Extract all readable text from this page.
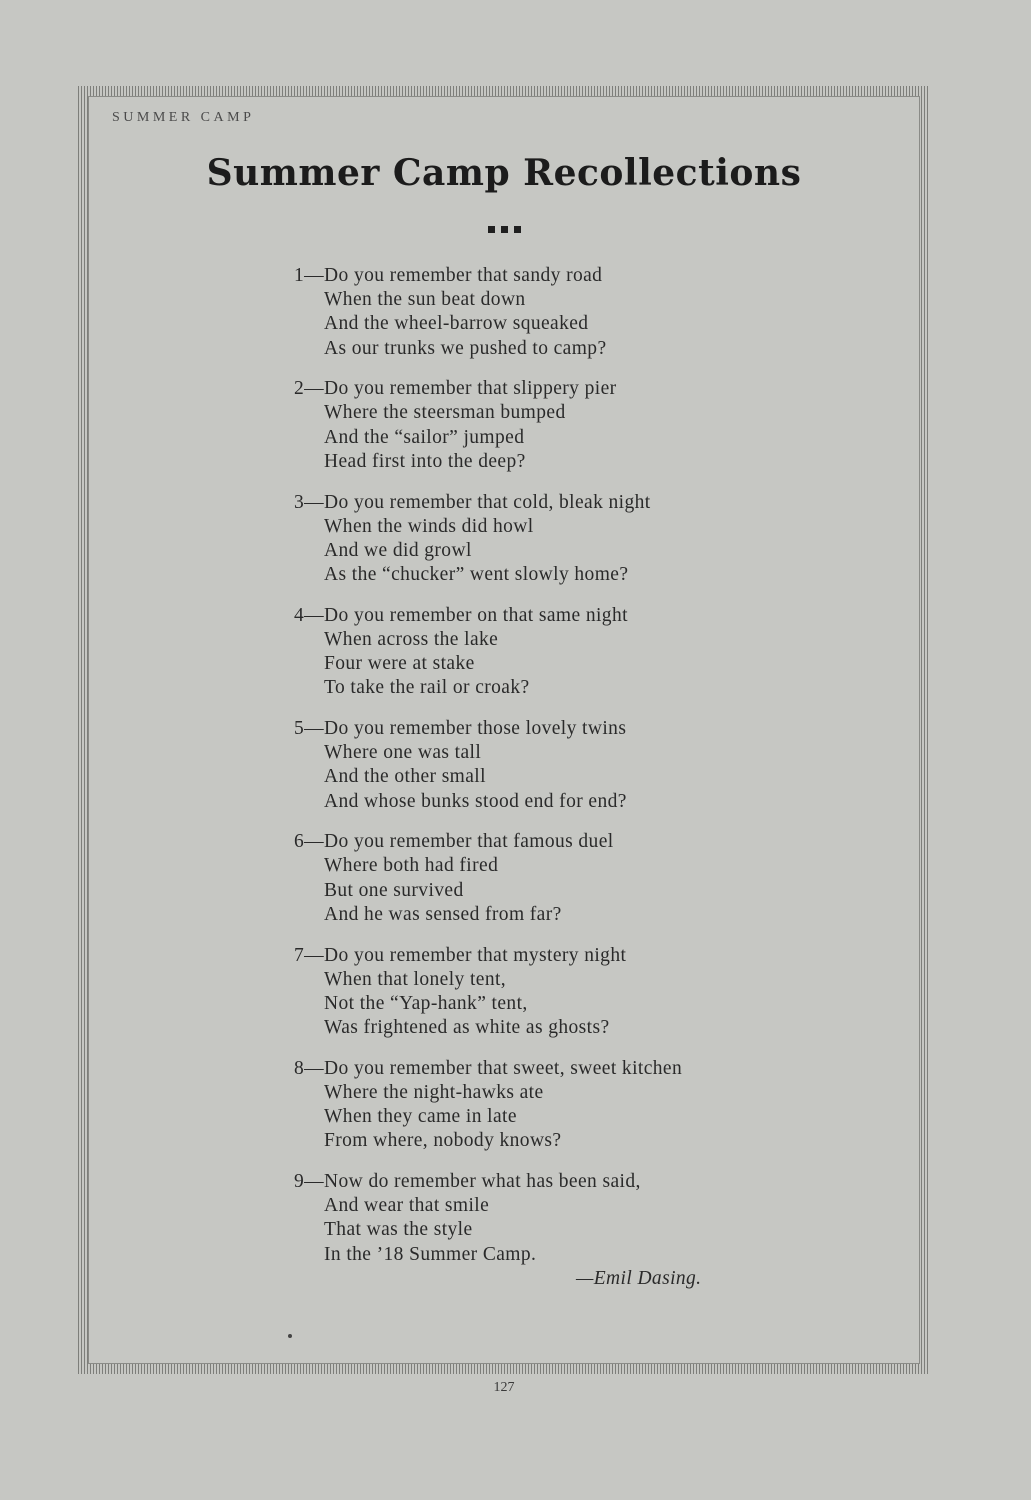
SUMMER CAMP
Summer Camp Recollections
1—Do you remember that sandy road
When the sun beat down
And the wheel-barrow squeaked
As our trunks we pushed to camp?
2—Do you remember that slippery pier
Where the steersman bumped
And the “sailor” jumped
Head first into the deep?
3—Do you remember that cold, bleak night
When the winds did howl
And we did growl
As the “chucker” went slowly home?
4—Do you remember on that same night
When across the lake
Four were at stake
To take the rail or croak?
5—Do you remember those lovely twins
Where one was tall
And the other small
And whose bunks stood end for end?
6—Do you remember that famous duel
Where both had fired
But one survived
And he was sensed from far?
7—Do you remember that mystery night
When that lonely tent,
Not the “Yap-hank” tent,
Was frightened as white as ghosts?
8—Do you remember that sweet, sweet kitchen
Where the night-hawks ate
When they came in late
From where, nobody knows?
9—Now do remember what has been said,
And wear that smile
That was the style
In the ’18 Summer Camp.
—Emil Dasing.
127
